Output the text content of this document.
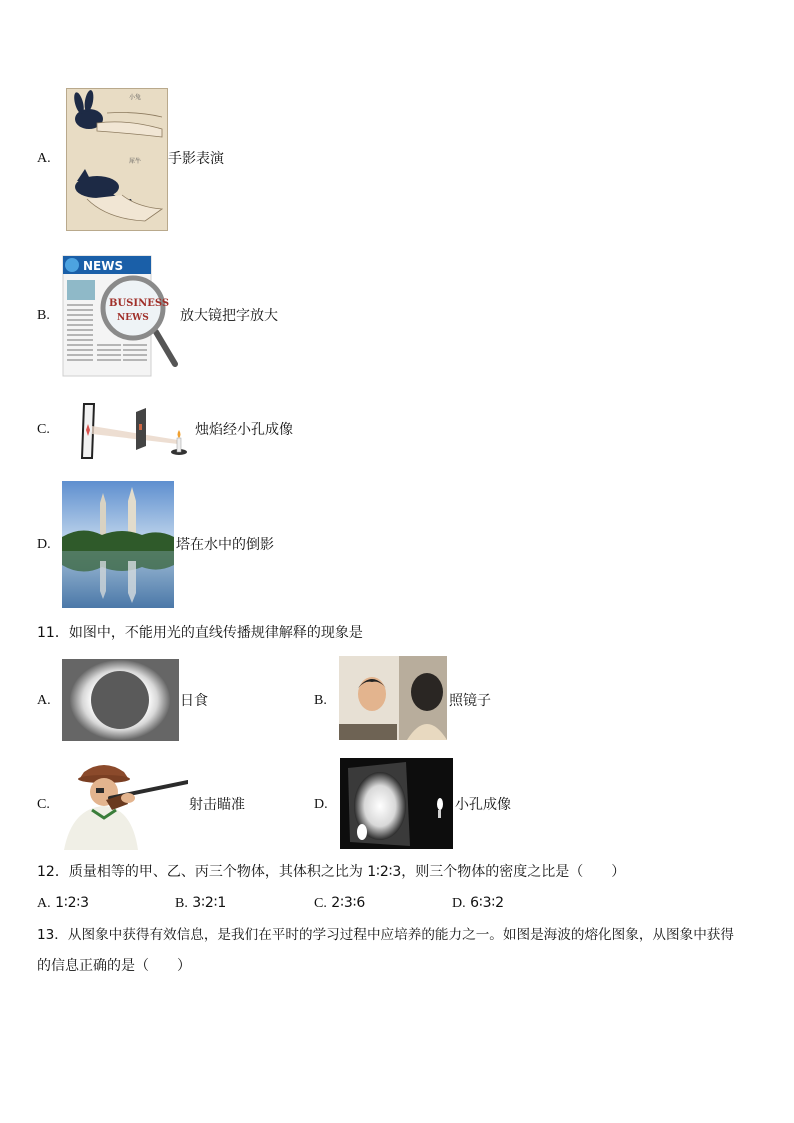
A.
小兔
犀牛 手影表演
B.
NEWS
BUSINESS
NEWS 放大镜把字放大
C.	烛焰经小孔成像
D.	塔在水中的倒影
11．如图中，不能用光的直线传播规律解释的现象是
A.	日食	B.	照镜子
C.	射击瞄准	D.	小孔成像
12．质量相等的甲、乙、丙三个物体，其体积之比为 1∶2∶3，则三个物体的密度之比是（　　）
A. 1∶2∶3	B. 3∶2∶1	C. 2∶3∶6	D. 6∶3∶2
13．从图象中获得有效信息，是我们在平时的学习过程中应培养的能力之一。如图是海波的熔化图象，从图象中获得
的信息正确的是（　　）
